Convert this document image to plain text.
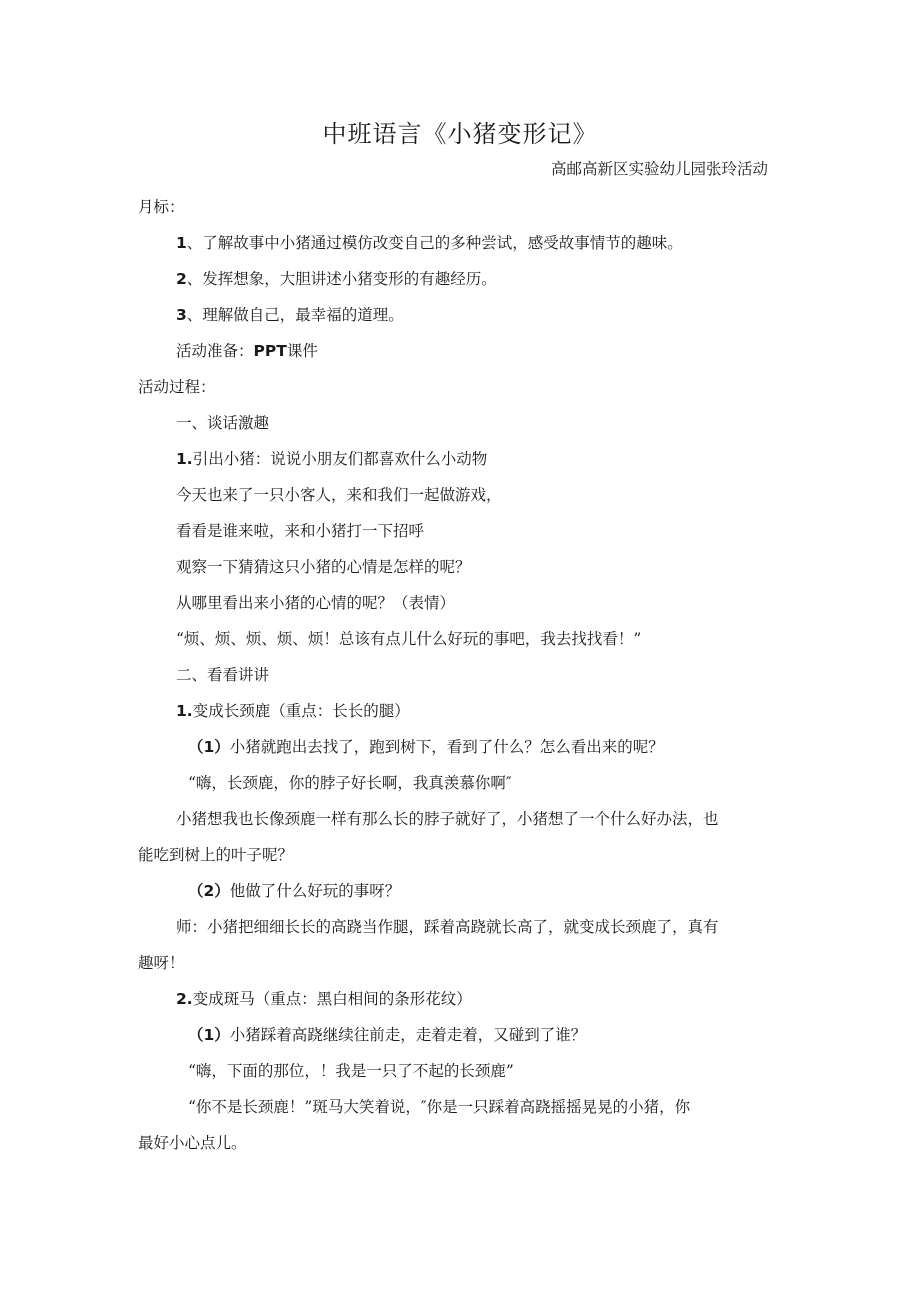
中班语言《小猪变形记》
高邮高新区实验幼儿园张玲活动
月标：
1、了解故事中小猪通过模仿改变自己的多种尝试，感受故事情节的趣味。
2、发挥想象，大胆讲述小猪变形的有趣经历。
3、理解做自己，最幸福的道理。
活动准备：PPT课件
活动过程：
一、谈话激趣
1.引出小猪：说说小朋友们都喜欢什么小动物
今天也来了一只小客人，来和我们一起做游戏，
看看是谁来啦，来和小猪打一下招呼
观察一下猜猜这只小猪的心情是怎样的呢？
从哪里看出来小猪的心情的呢？（表情）
“烦、烦、烦、烦、烦！总该有点儿什么好玩的事吧，我去找找看！”
二、看看讲讲
1.变成长颈鹿（重点：长长的腿）
（1）小猪就跑出去找了，跑到树下，看到了什么？怎么看出来的呢？
“嗨，长颈鹿，你的脖子好长啊，我真羡慕你啊″
小猪想我也长像颈鹿一样有那么长的脖子就好了，小猪想了一个什么好办法，也
能吃到树上的叶子呢？
（2）他做了什么好玩的事呀？
师：小猪把细细长长的高跷当作腿，踩着高跷就长高了，就变成长颈鹿了，真有
趣呀！
2.变成斑马（重点：黑白相间的条形花纹）
（1）小猪踩着高跷继续往前走，走着走着，又碰到了谁？
“嗨，下面的那位，！我是一只了不起的长颈鹿”
“你不是长颈鹿！”斑马大笑着说，″你是一只踩着高跷摇摇晃晃的小猪，你
最好小心点儿。
